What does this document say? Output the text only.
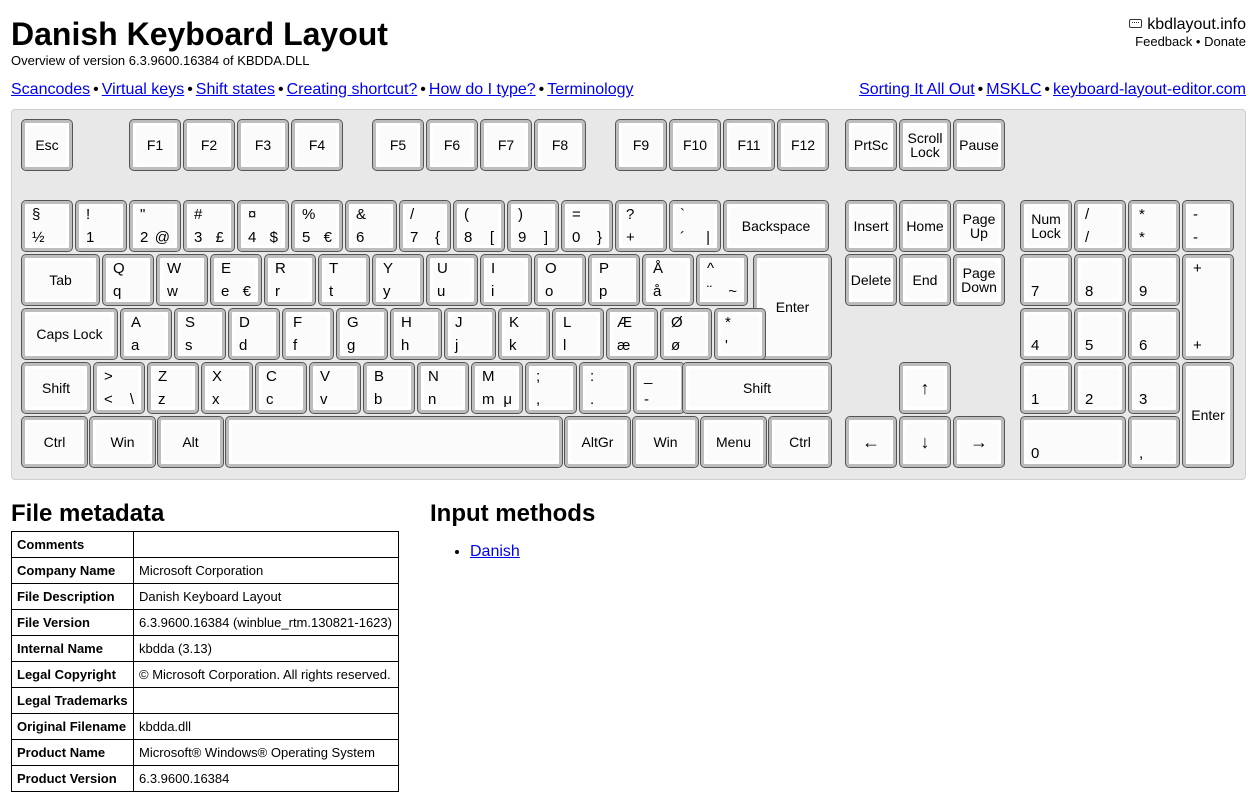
Danish Keyboard Layout
Overview of version 6.3.9600.16384 of KBDDA.DLL
kbdlayout.info
Feedback • Donate
Scancodes • Virtual keys • Shift states • Creating shortcut? • How do I type? • Terminology	Sorting It All Out • MSKLC • keyboard-layout-editor.com
Esc	F1	F2	F3	F4	F5	F6	F7	F8	F9	F10	F11	F12	PrtSc	Scroll Lock	Pause
§
½
!
1
"
2 @
#
3 £
¤
4 $
%
5 €
&
6
/
7 {
(
8 [
)
9 ]
=
0 }
?
+
`
´ |
Backspace
Tab
Q
q
W
w
E
e €
R
r
T
t
Y
y
U
u
I
i
O
o
P
p
Å
å
^
¨ ~
Enter
Caps Lock
A
a
S
s
D
d
F
f
G
g
H
h
J
j
K
k
L
l
Æ
æ
Ø
ø
*
'
Shift
>
< \
Z
z
X
x
C
c
V
v
B
b
N
n
M
m μ
;
,
:
.
_
-
Shift
Ctrl	Win	Alt	AltGr	Win	Menu	Ctrl
Insert	Home	Page Up
Delete	End	Page Down
↑
←	↓	→
Num Lock
/
/
*
*
-
-
7	8	9
+
+
4	5	6
1	2	3
Enter
0	,
File metadata
Comments	
Company Name	Microsoft Corporation
File Description	Danish Keyboard Layout
File Version	6.3.9600.16384 (winblue_rtm.130821-1623)
Internal Name	kbdda (3.13)
Legal Copyright	© Microsoft Corporation. All rights reserved.
Legal Trademarks	
Original Filename	kbdda.dll
Product Name	Microsoft® Windows® Operating System
Product Version	6.3.9600.16384
Input methods
• Danish
